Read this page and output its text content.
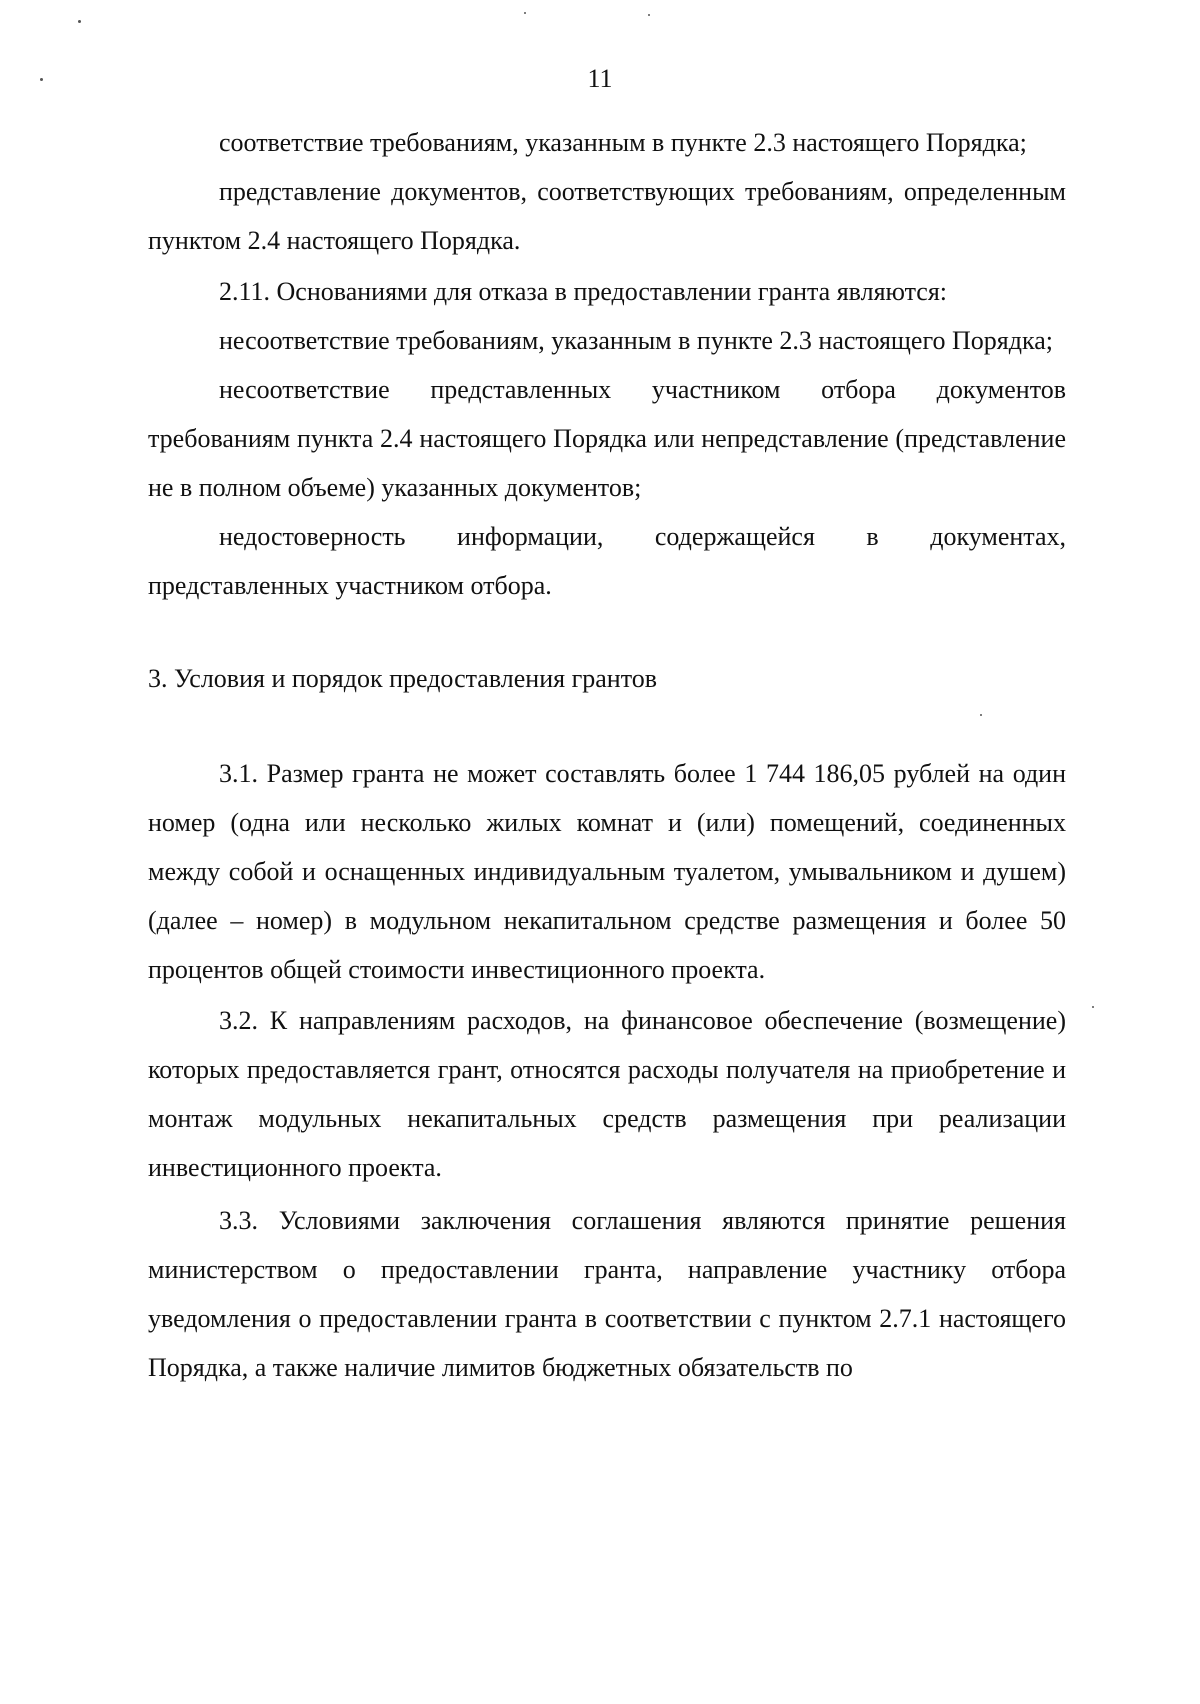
11

соответствие требованиям, указанным в пункте 2.3 настоящего Порядка;

представление документов, соответствующих требованиям, определенным пунктом 2.4 настоящего Порядка.

2.11. Основаниями для отказа в предоставлении гранта являются:

несоответствие требованиям, указанным в пункте 2.3 настоящего Порядка;

несоответствие представленных участником отбора документов требованиям пункта 2.4 настоящего Порядка или непредставление (представление не в полном объеме) указанных документов;

недостоверность информации, содержащейся в документах, представленных участником отбора.

3. Условия и порядок предоставления грантов

3.1. Размер гранта не может составлять более 1 744 186,05 рублей на один номер (одна или несколько жилых комнат и (или) помещений, соединенных между собой и оснащенных индивидуальным туалетом, умывальником и душем) (далее – номер) в модульном некапитальном средстве размещения и более 50 процентов общей стоимости инвестиционного проекта.

3.2. К направлениям расходов, на финансовое обеспечение (возмещение) которых предоставляется грант, относятся расходы получателя на приобретение и монтаж модульных некапитальных средств размещения при реализации инвестиционного проекта.

3.3. Условиями заключения соглашения являются принятие решения министерством о предоставлении гранта, направление участнику отбора уведомления о предоставлении гранта в соответствии с пунктом 2.7.1 настоящего Порядка, а также наличие лимитов бюджетных обязательств по
